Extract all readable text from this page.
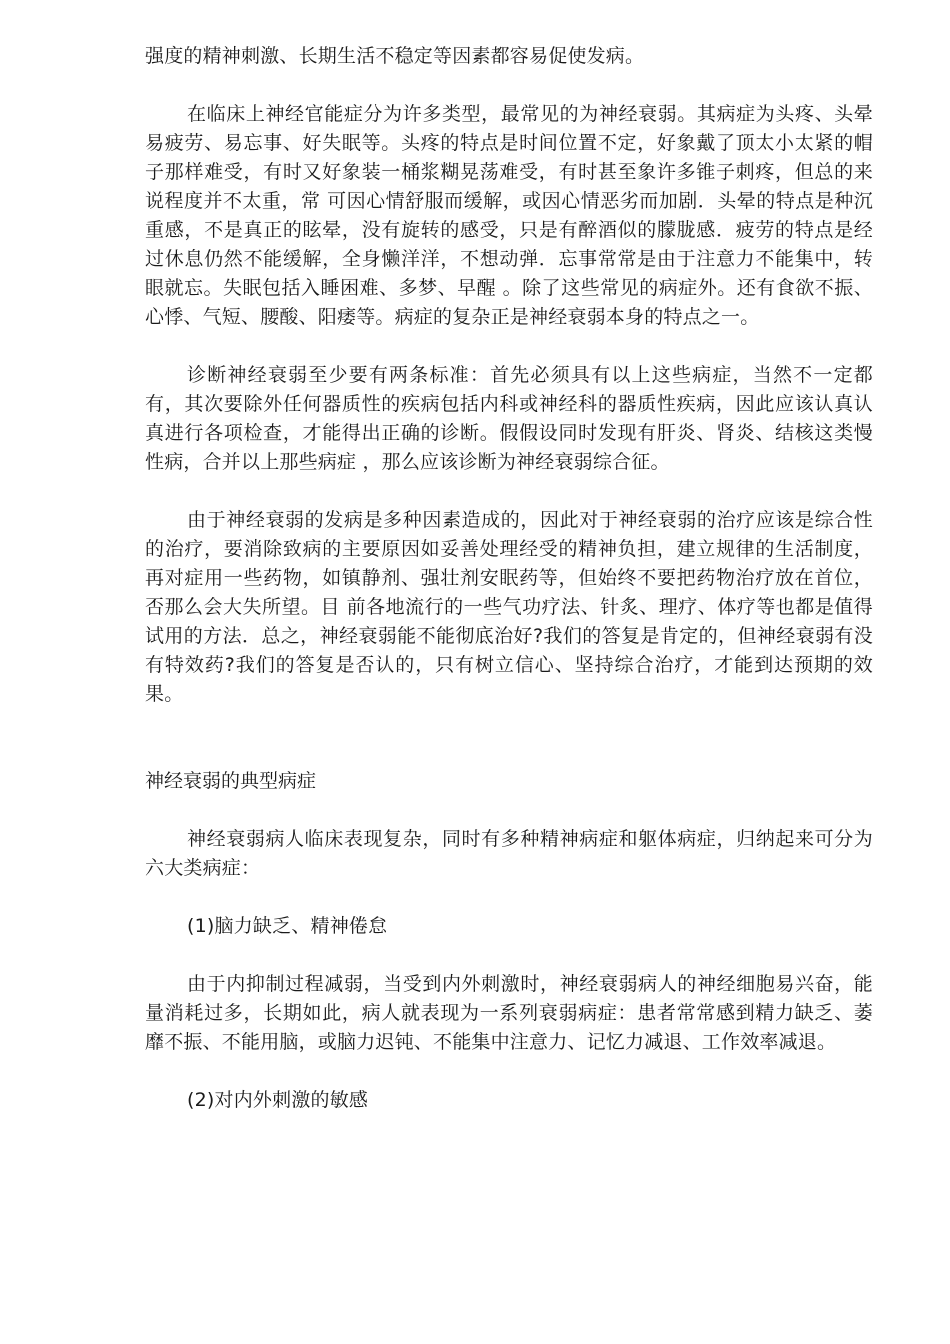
强度的精神刺激、长期生活不稳定等因素都容易促使发病。

在临床上神经官能症分为许多类型，最常见的为神经衰弱。其病症为头疼、头晕易疲劳、易忘事、好失眠等。头疼的特点是时间位置不定，好象戴了顶太小太紧的帽子那样难受，有时又好象装一桶浆糊晃荡难受，有时甚至象许多锥子刺疼，但总的来说程度并不太重，常 可因心情舒服而缓解，或因心情恶劣而加剧．头晕的特点是种沉重感，不是真正的眩晕，没有旋转的感受，只是有醉酒似的朦胧感．疲劳的特点是经过休息仍然不能缓解，全身懒洋洋，不想动弹．忘事常常是由于注意力不能集中，转眼就忘。失眠包括入睡困难、多梦、早醒 。除了这些常见的病症外。还有食欲不振、心悸、气短、腰酸、阳痿等。病症的复杂正是神经衰弱本身的特点之一。

诊断神经衰弱至少要有两条标准：首先必须具有以上这些病症，当然不一定都有，其次要除外任何器质性的疾病包括内科或神经科的器质性疾病，因此应该认真认真进行各项检查，才能得出正确的诊断。假假设同时发现有肝炎、肾炎、结核这类慢性病，合并以上那些病症 ，那么应该诊断为神经衰弱综合征。

由于神经衰弱的发病是多种因素造成的，因此对于神经衰弱的治疗应该是综合性的治疗，要消除致病的主要原因如妥善处理经受的精神负担，建立规律的生活制度，再对症用一些药物，如镇静剂、强壮剂安眠药等，但始终不要把药物治疗放在首位，否那么会大失所望。目 前各地流行的一些气功疗法、针炙、理疗、体疗等也都是值得试用的方法．总之，神经衰弱能不能彻底治好?我们的答复是肯定的，但神经衰弱有没有特效药?我们的答复是否认的，只有树立信心、坚持综合治疗，才能到达预期的效果。

神经衰弱的典型病症

神经衰弱病人临床表现复杂，同时有多种精神病症和躯体病症，归纳起来可分为六大类病症：

(1)脑力缺乏、精神倦怠

由于内抑制过程减弱，当受到内外刺激时，神经衰弱病人的神经细胞易兴奋，能量消耗过多，长期如此，病人就表现为一系列衰弱病症：患者常常感到精力缺乏、萎靡不振、不能用脑，或脑力迟钝、不能集中注意力、记忆力减退、工作效率减退。

(2)对内外刺激的敏感
